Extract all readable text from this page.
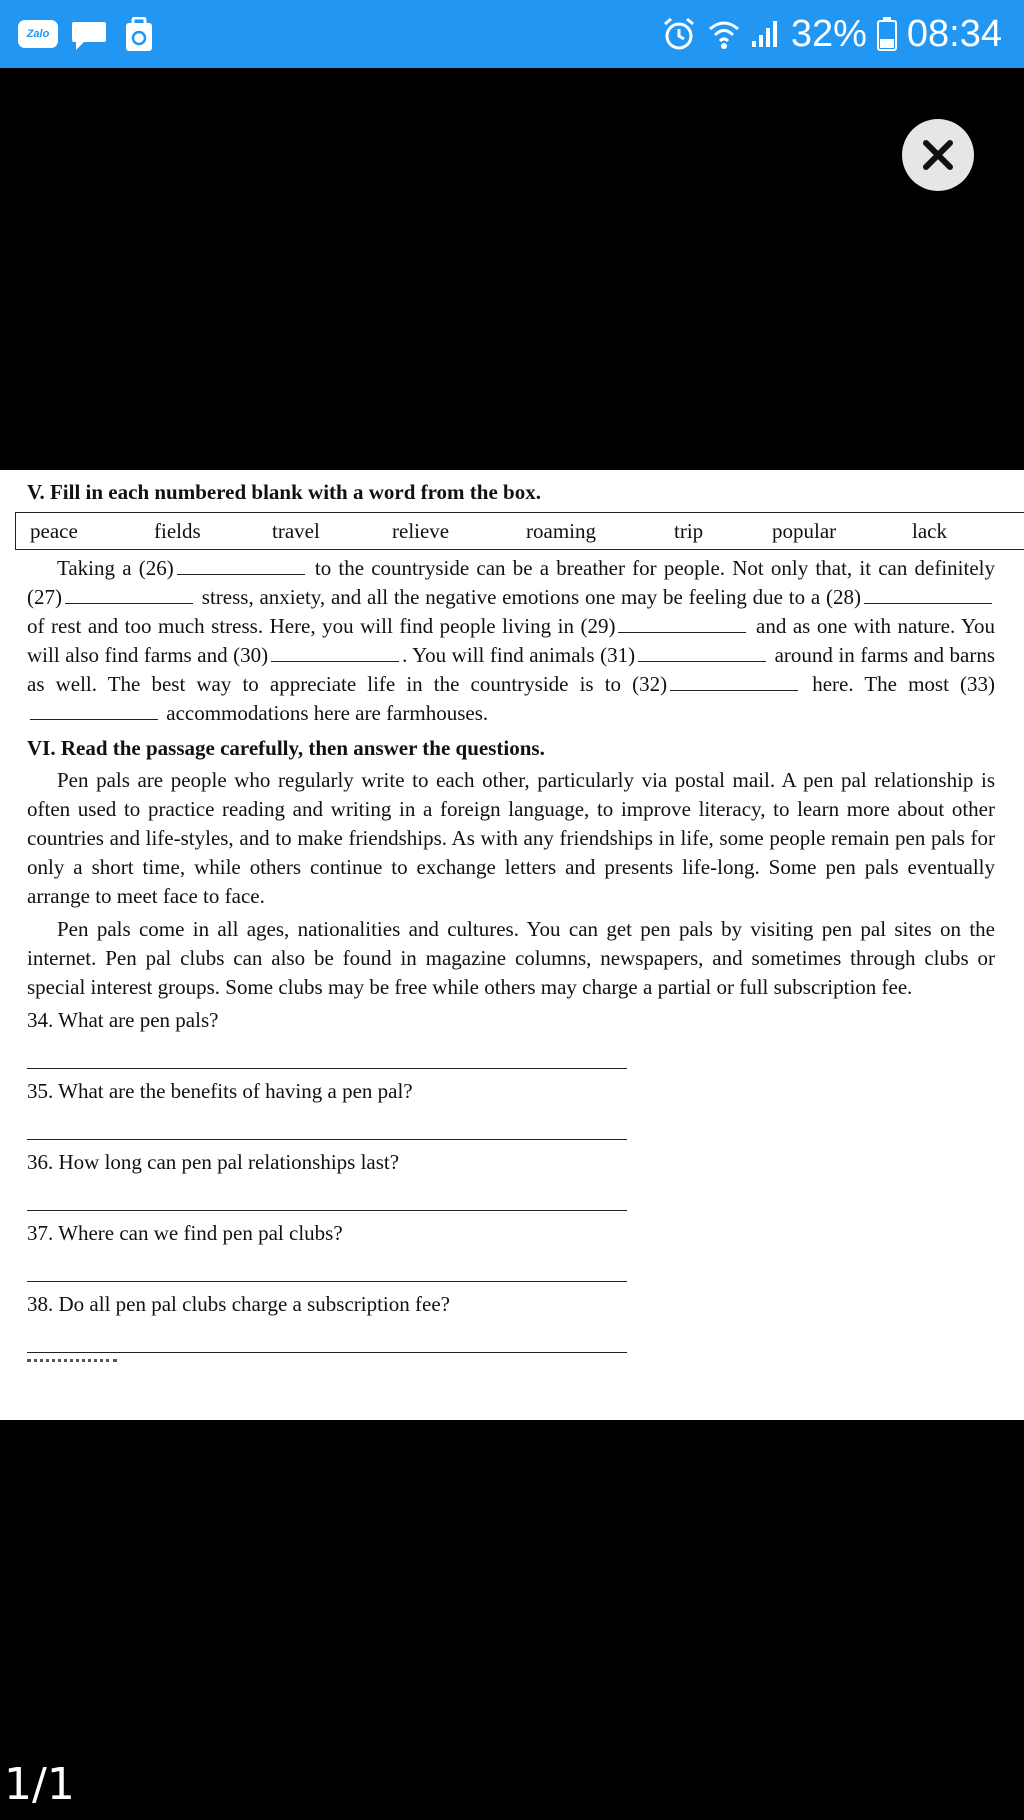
Zalo	32% 08:34

V. Fill in each numbered blank with a word from the box.

peace	fields	travel	relieve	roaming	trip	popular	lack

Taking a (26)	to the countryside can be a breather for people. Not only that, it can definitely (27)	stress, anxiety, and all the negative emotions one may be feeling due to a (28) of rest and too much stress. Here, you will find people living in (29)	and as one with nature. You will also find farms and (30)	. You will find animals (31)	around in farms and barns as well. The best way to appreciate life in the countryside is to (32)	here. The most (33) accommodations here are farmhouses.

VI. Read the passage carefully, then answer the questions.

Pen pals are people who regularly write to each other, particularly via postal mail. A pen pal relationship is often used to practice reading and writing in a foreign language, to improve literacy, to learn more about other countries and life-styles, and to make friendships. As with any friendships in life, some people remain pen pals for only a short time, while others continue to exchange letters and presents life-long. Some pen pals eventually arrange to meet face to face.

Pen pals come in all ages, nationalities and cultures. You can get pen pals by visiting pen pal sites on the internet. Pen pal clubs can also be found in magazine columns, newspapers, and sometimes through clubs or special interest groups. Some clubs may be free while others may charge a partial or full subscription fee.

34. What are pen pals?

35. What are the benefits of having a pen pal?

36. How long can pen pal relationships last?

37. Where can we find pen pal clubs?

38. Do all pen pal clubs charge a subscription fee?

1/1
